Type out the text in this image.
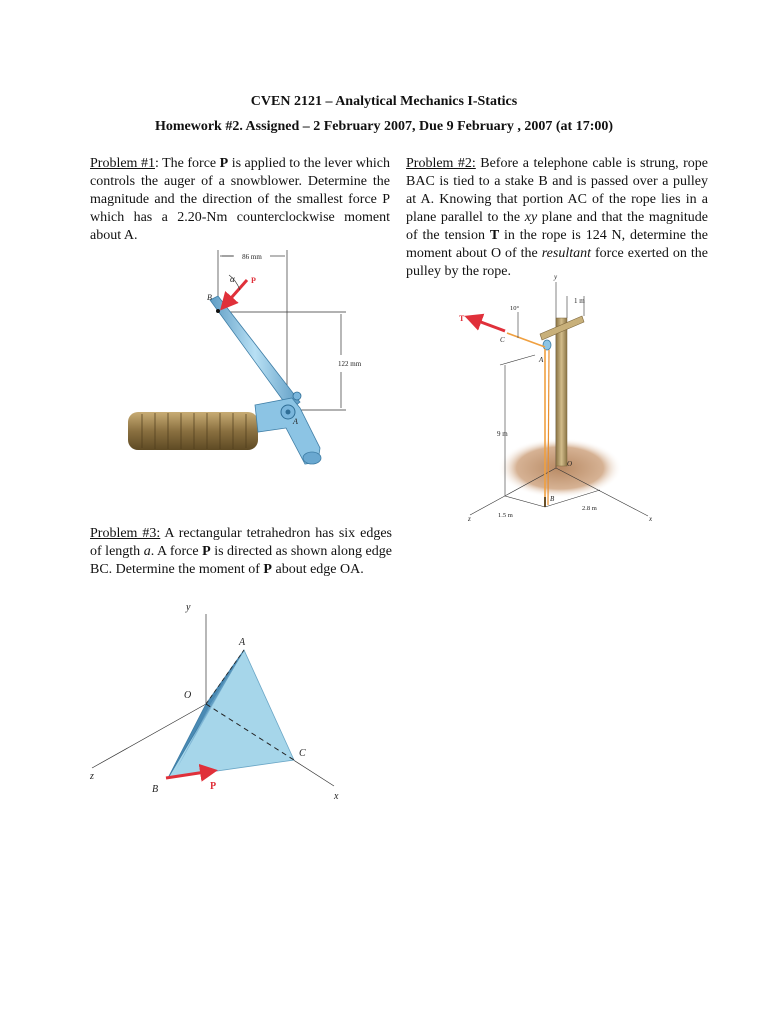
CVEN 2121 – Analytical Mechanics I-Statics
Homework #2. Assigned – 2 February 2007, Due 9 February , 2007 (at 17:00)

Problem #1: The force P is applied to the lever which controls the auger of a snowblower. Determine the magnitude and the direction of the smallest force P which has a 2.20-Nm counterclockwise moment about A.

Problem #2: Before a telephone cable is strung, rope BAC is tied to a stake B and is passed over a pulley at A. Knowing that portion AC of the rope lies in a plane parallel to the xy plane and that the magnitude of the tension T in the rope is 124 N, determine the moment about O of the resultant force exerted on the pulley by the rope.

Problem #3: A rectangular tetrahedron has six edges of length a. A force P is directed as shown along edge BC. Determine the moment of P about edge OA.

86 mm
122 mm
α P
B
A
y
z	x
1 m
T
10°
C
A
9 m
O
B
1.5 m
2.8 m
y
z
x
A
O
C
B	P
